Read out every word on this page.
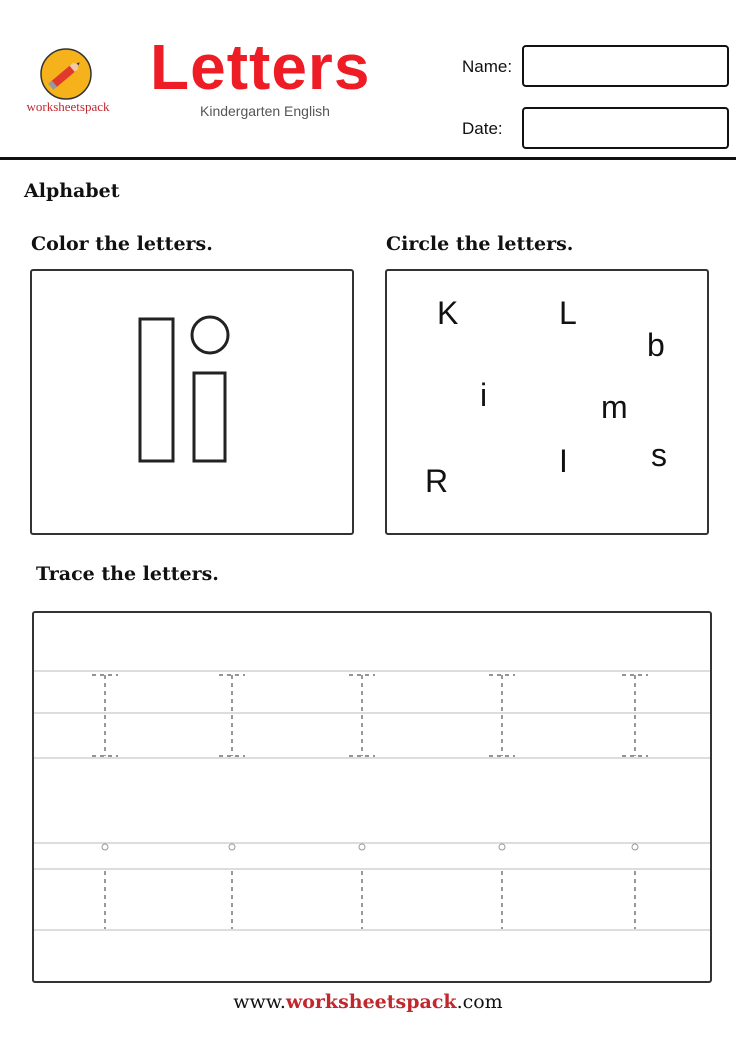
worksheetspack
Letters
Kindergarten English
Name:
Date:
Alphabet
Color the letters.	Circle the letters.
K	L
b
i	m
R
I	s
Trace the letters.
www.worksheetspack.com
